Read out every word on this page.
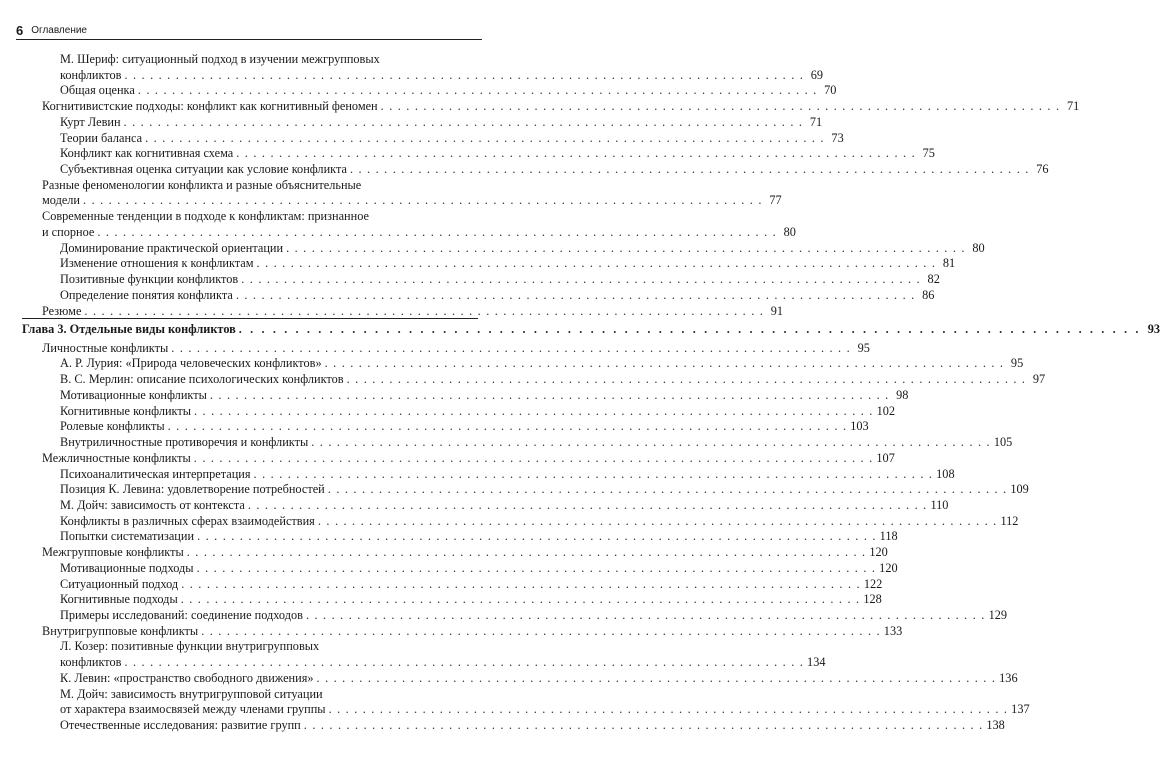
6 Оглавление
М. Шериф: ситуационный подход в изучении межгрупповых
конфликтов . . . . . . . . . . . . . . . . . . . . . . . . . . . . . . . . . . . . . . . . . . . . . . . . . . . . . . . . . . . . . . . . . . . . . . . . . . . . . . . . 69
Общая оценка . . . . . . . . . . . . . . . . . . . . . . . . . . . . . . . . . . . . . . . . . . . . . . . . . . . . . . . . . . . . . . . . . . . . . . . . . . . . . . . . 70
Когнитивистские подходы: конфликт как когнитивный феномен . . . . . . . . . . . . . . . . . . . . . . . . . . . . . . . . . . . . . . . . . . . . . . . . . . . . . . . . . . . . . . . . . . . . . . . . . . . . . . . . 71
Курт Левин . . . . . . . . . . . . . . . . . . . . . . . . . . . . . . . . . . . . . . . . . . . . . . . . . . . . . . . . . . . . . . . . . . . . . . . . . . . . . . . . 71
Теории баланса . . . . . . . . . . . . . . . . . . . . . . . . . . . . . . . . . . . . . . . . . . . . . . . . . . . . . . . . . . . . . . . . . . . . . . . . . . . . . . . . 73
Конфликт как когнитивная схема . . . . . . . . . . . . . . . . . . . . . . . . . . . . . . . . . . . . . . . . . . . . . . . . . . . . . . . . . . . . . . . . . . . . . . . . . . . . . . . . 75
Субъективная оценка ситуации как условие конфликта . . . . . . . . . . . . . . . . . . . . . . . . . . . . . . . . . . . . . . . . . . . . . . . . . . . . . . . . . . . . . . . . . . . . . . . . . . . . . . . . 76
Разные феноменологии конфликта и разные объяснительные
модели . . . . . . . . . . . . . . . . . . . . . . . . . . . . . . . . . . . . . . . . . . . . . . . . . . . . . . . . . . . . . . . . . . . . . . . . . . . . . . . . 77
Современные тенденции в подходе к конфликтам: признанное
и спорное . . . . . . . . . . . . . . . . . . . . . . . . . . . . . . . . . . . . . . . . . . . . . . . . . . . . . . . . . . . . . . . . . . . . . . . . . . . . . . . . 80
Доминирование практической ориентации . . . . . . . . . . . . . . . . . . . . . . . . . . . . . . . . . . . . . . . . . . . . . . . . . . . . . . . . . . . . . . . . . . . . . . . . . . . . . . . . 80
Изменение отношения к конфликтам . . . . . . . . . . . . . . . . . . . . . . . . . . . . . . . . . . . . . . . . . . . . . . . . . . . . . . . . . . . . . . . . . . . . . . . . . . . . . . . . 81
Позитивные функции конфликтов . . . . . . . . . . . . . . . . . . . . . . . . . . . . . . . . . . . . . . . . . . . . . . . . . . . . . . . . . . . . . . . . . . . . . . . . . . . . . . . . 82
Определение понятия конфликта . . . . . . . . . . . . . . . . . . . . . . . . . . . . . . . . . . . . . . . . . . . . . . . . . . . . . . . . . . . . . . . . . . . . . . . . . . . . . . . . 86
Резюме . . . . . . . . . . . . . . . . . . . . . . . . . . . . . . . . . . . . . . . . . . . . . . . . . . . . . . . . . . . . . . . . . . . . . . . . . . . . . . . . 91
Глава 3. Отдельные виды конфликтов . . . . . . . . . . . . . . . . . . . . . . . . . . . . . . . . . . . . . . . . . . . . . . . . . . . . . . . . . . . . . . . . . . . . . . . . . . . . . . . . 93
Личностные конфликты . . . . . . . . . . . . . . . . . . . . . . . . . . . . . . . . . . . . . . . . . . . . . . . . . . . . . . . . . . . . . . . . . . . . . . . . . . . . . . . . 95
А. Р. Лурия: «Природа человеческих конфликтов» . . . . . . . . . . . . . . . . . . . . . . . . . . . . . . . . . . . . . . . . . . . . . . . . . . . . . . . . . . . . . . . . . . . . . . . . . . . . . . . . 95
В. С. Мерлин: описание психологических конфликтов . . . . . . . . . . . . . . . . . . . . . . . . . . . . . . . . . . . . . . . . . . . . . . . . . . . . . . . . . . . . . . . . . . . . . . . . . . . . . . . . 97
Мотивационные конфликты . . . . . . . . . . . . . . . . . . . . . . . . . . . . . . . . . . . . . . . . . . . . . . . . . . . . . . . . . . . . . . . . . . . . . . . . . . . . . . . . 98
Когнитивные конфликты . . . . . . . . . . . . . . . . . . . . . . . . . . . . . . . . . . . . . . . . . . . . . . . . . . . . . . . . . . . . . . . . . . . . . . . . . . . . . . . . 102
Ролевые конфликты . . . . . . . . . . . . . . . . . . . . . . . . . . . . . . . . . . . . . . . . . . . . . . . . . . . . . . . . . . . . . . . . . . . . . . . . . . . . . . . . 103
Внутриличностные противоречия и конфликты . . . . . . . . . . . . . . . . . . . . . . . . . . . . . . . . . . . . . . . . . . . . . . . . . . . . . . . . . . . . . . . . . . . . . . . . . . . . . . . . 105
Межличностные конфликты . . . . . . . . . . . . . . . . . . . . . . . . . . . . . . . . . . . . . . . . . . . . . . . . . . . . . . . . . . . . . . . . . . . . . . . . . . . . . . . . 107
Психоаналитическая интерпретация . . . . . . . . . . . . . . . . . . . . . . . . . . . . . . . . . . . . . . . . . . . . . . . . . . . . . . . . . . . . . . . . . . . . . . . . . . . . . . . . 108
Позиция К. Левина: удовлетворение потребностей . . . . . . . . . . . . . . . . . . . . . . . . . . . . . . . . . . . . . . . . . . . . . . . . . . . . . . . . . . . . . . . . . . . . . . . . . . . . . . . . 109
М. Дойч: зависимость от контекста . . . . . . . . . . . . . . . . . . . . . . . . . . . . . . . . . . . . . . . . . . . . . . . . . . . . . . . . . . . . . . . . . . . . . . . . . . . . . . . . 110
Конфликты в различных сферах взаимодействия . . . . . . . . . . . . . . . . . . . . . . . . . . . . . . . . . . . . . . . . . . . . . . . . . . . . . . . . . . . . . . . . . . . . . . . . . . . . . . . . 112
Попытки систематизации . . . . . . . . . . . . . . . . . . . . . . . . . . . . . . . . . . . . . . . . . . . . . . . . . . . . . . . . . . . . . . . . . . . . . . . . . . . . . . . . 118
Межгрупповые конфликты . . . . . . . . . . . . . . . . . . . . . . . . . . . . . . . . . . . . . . . . . . . . . . . . . . . . . . . . . . . . . . . . . . . . . . . . . . . . . . . . 120
Мотивационные подходы . . . . . . . . . . . . . . . . . . . . . . . . . . . . . . . . . . . . . . . . . . . . . . . . . . . . . . . . . . . . . . . . . . . . . . . . . . . . . . . . 120
Ситуационный подход . . . . . . . . . . . . . . . . . . . . . . . . . . . . . . . . . . . . . . . . . . . . . . . . . . . . . . . . . . . . . . . . . . . . . . . . . . . . . . . . 122
Когнитивные подходы . . . . . . . . . . . . . . . . . . . . . . . . . . . . . . . . . . . . . . . . . . . . . . . . . . . . . . . . . . . . . . . . . . . . . . . . . . . . . . . . 128
Примеры исследований: соединение подходов . . . . . . . . . . . . . . . . . . . . . . . . . . . . . . . . . . . . . . . . . . . . . . . . . . . . . . . . . . . . . . . . . . . . . . . . . . . . . . . . 129
Внутригрупповые конфликты . . . . . . . . . . . . . . . . . . . . . . . . . . . . . . . . . . . . . . . . . . . . . . . . . . . . . . . . . . . . . . . . . . . . . . . . . . . . . . . . 133
Л. Козер: позитивные функции внутригрупповых
конфликтов . . . . . . . . . . . . . . . . . . . . . . . . . . . . . . . . . . . . . . . . . . . . . . . . . . . . . . . . . . . . . . . . . . . . . . . . . . . . . . . . 134
К. Левин: «пространство свободного движения» . . . . . . . . . . . . . . . . . . . . . . . . . . . . . . . . . . . . . . . . . . . . . . . . . . . . . . . . . . . . . . . . . . . . . . . . . . . . . . . . 136
М. Дойч: зависимость внутригрупповой ситуации
от характера взаимосвязей между членами группы . . . . . . . . . . . . . . . . . . . . . . . . . . . . . . . . . . . . . . . . . . . . . . . . . . . . . . . . . . . . . . . . . . . . . . . . . . . . . . . . 137
Отечественные исследования: развитие групп . . . . . . . . . . . . . . . . . . . . . . . . . . . . . . . . . . . . . . . . . . . . . . . . . . . . . . . . . . . . . . . . . . . . . . . . . . . . . . . . 138
